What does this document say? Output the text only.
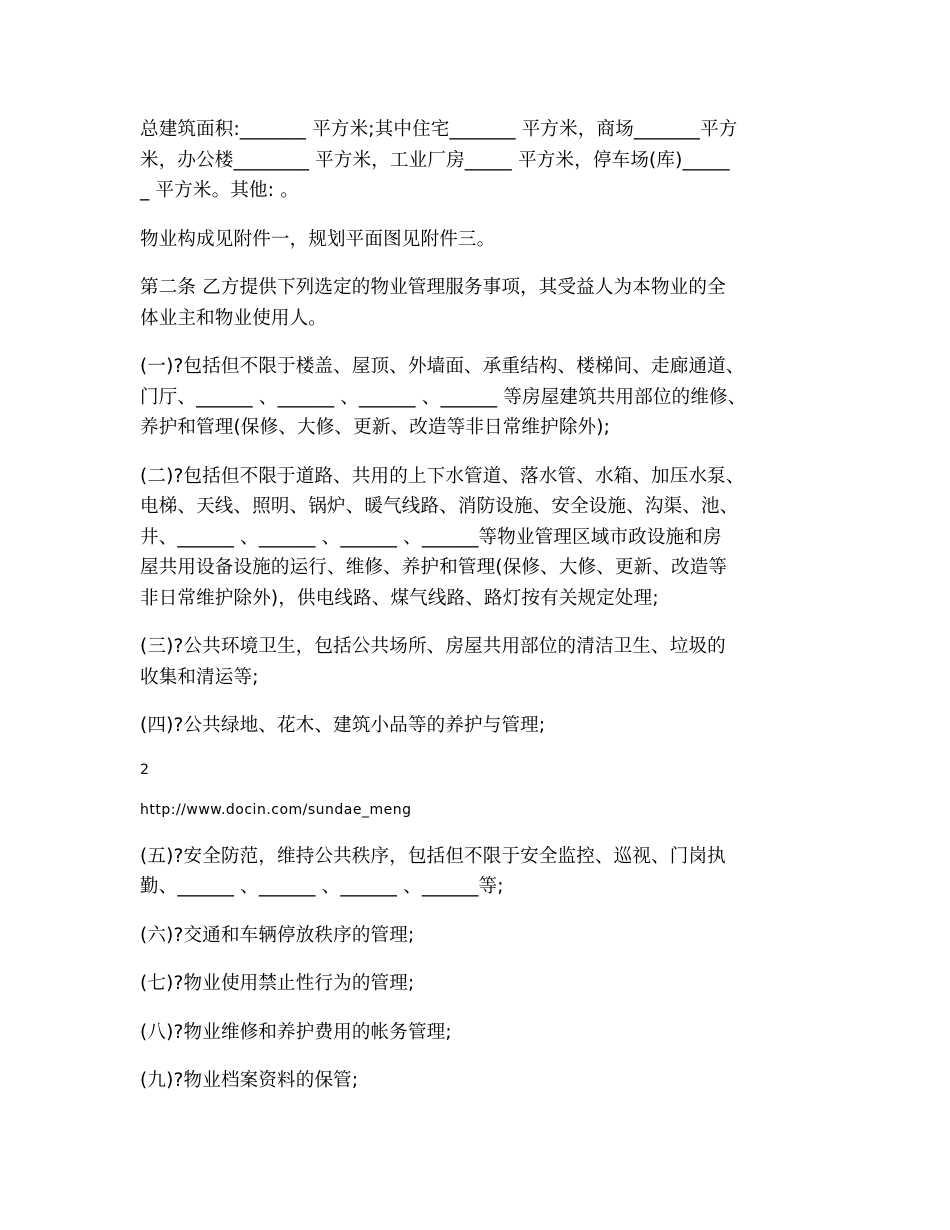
总建筑面积:_______ 平方米;其中住宅_______ 平方米，商场_______平方
米，办公楼________ 平方米，工业厂房_____ 平方米，停车场(库)_____
_ 平方米。其他: 。
物业构成见附件一，规划平面图见附件三。
第二条 乙方提供下列选定的物业管理服务事项，其受益人为本物业的全
体业主和物业使用人。
(一)?包括但不限于楼盖、屋顶、外墙面、承重结构、楼梯间、走廊通道、
门厅、______ 、______ 、______ 、______ 等房屋建筑共用部位的维修、
养护和管理(保修、大修、更新、改造等非日常维护除外);
(二)?包括但不限于道路、共用的上下水管道、落水管、水箱、加压水泵、
电梯、天线、照明、锅炉、暖气线路、消防设施、安全设施、沟渠、池、
井、______ 、______ 、______ 、______等物业管理区域市政设施和房
屋共用设备设施的运行、维修、养护和管理(保修、大修、更新、改造等
非日常维护除外)，供电线路、煤气线路、路灯按有关规定处理;
(三)?公共环境卫生，包括公共场所、房屋共用部位的清洁卫生、垃圾的
收集和清运等;
(四)?公共绿地、花木、建筑小品等的养护与管理;
2
http://www.docin.com/sundae_meng
(五)?安全防范，维持公共秩序，包括但不限于安全监控、巡视、门岗执
勤、______ 、______ 、______ 、______等;
(六)?交通和车辆停放秩序的管理;
(七)?物业使用禁止性行为的管理;
(八)?物业维修和养护费用的帐务管理;
(九)?物业档案资料的保管;
